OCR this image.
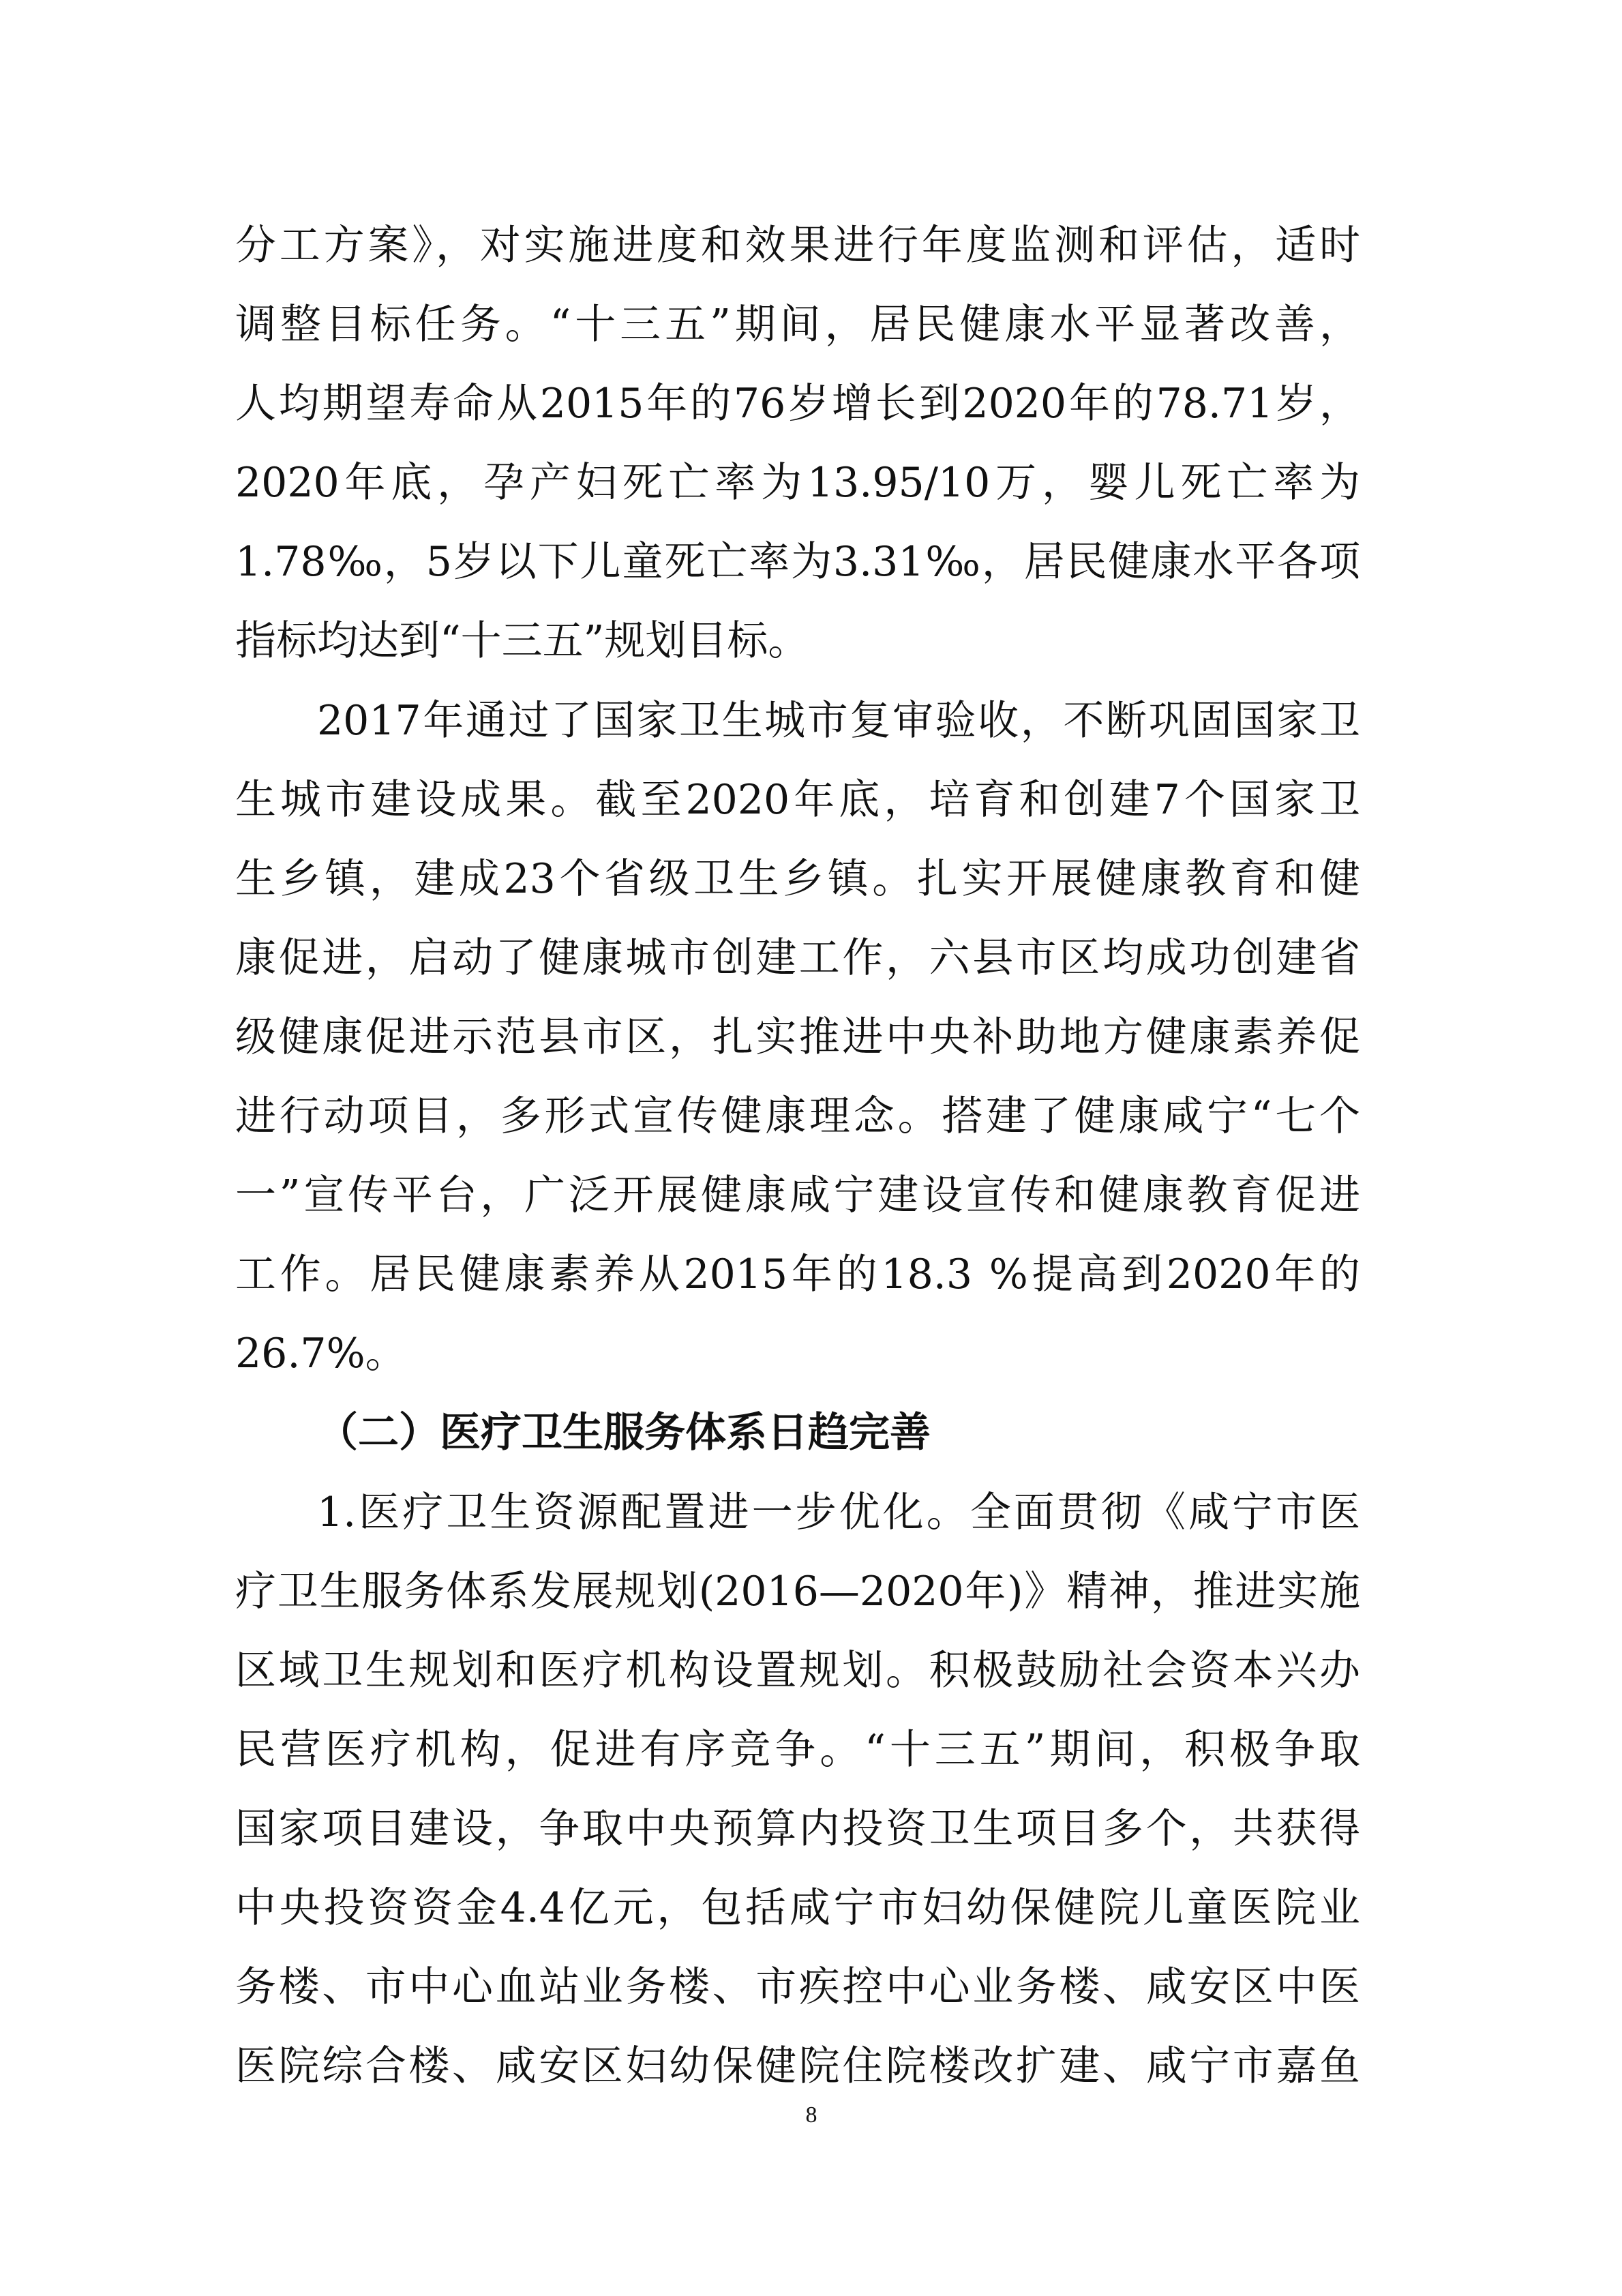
分工方案》，对实施进度和效果进行年度监测和评估，适时
调整目标任务。“十三五”期间，居民健康水平显著改善，
人均期望寿命从2015年的76岁增长到2020年的78.71岁，
2020年底，孕产妇死亡率为13.95/10万，婴儿死亡率为
1.78‰，5岁以下儿童死亡率为3.31‰，居民健康水平各项
指标均达到“十三五”规划目标。
2017年通过了国家卫生城市复审验收，不断巩固国家卫
生城市建设成果。截至2020年底，培育和创建7个国家卫
生乡镇，建成23个省级卫生乡镇。扎实开展健康教育和健
康促进，启动了健康城市创建工作，六县市区均成功创建省
级健康促进示范县市区，扎实推进中央补助地方健康素养促
进行动项目，多形式宣传健康理念。搭建了健康咸宁“七个
一”宣传平台，广泛开展健康咸宁建设宣传和健康教育促进
工作。居民健康素养从2015年的18.3 %提高到2020年的
26.7%。
（二）医疗卫生服务体系日趋完善
1.医疗卫生资源配置进一步优化。全面贯彻《咸宁市医
疗卫生服务体系发展规划(2016—2020年)》精神，推进实施
区域卫生规划和医疗机构设置规划。积极鼓励社会资本兴办
民营医疗机构，促进有序竞争。“十三五”期间，积极争取
国家项目建设，争取中央预算内投资卫生项目多个，共获得
中央投资资金4.4亿元，包括咸宁市妇幼保健院儿童医院业
务楼、市中心血站业务楼、市疾控中心业务楼、咸安区中医
医院综合楼、咸安区妇幼保健院住院楼改扩建、咸宁市嘉鱼
8
